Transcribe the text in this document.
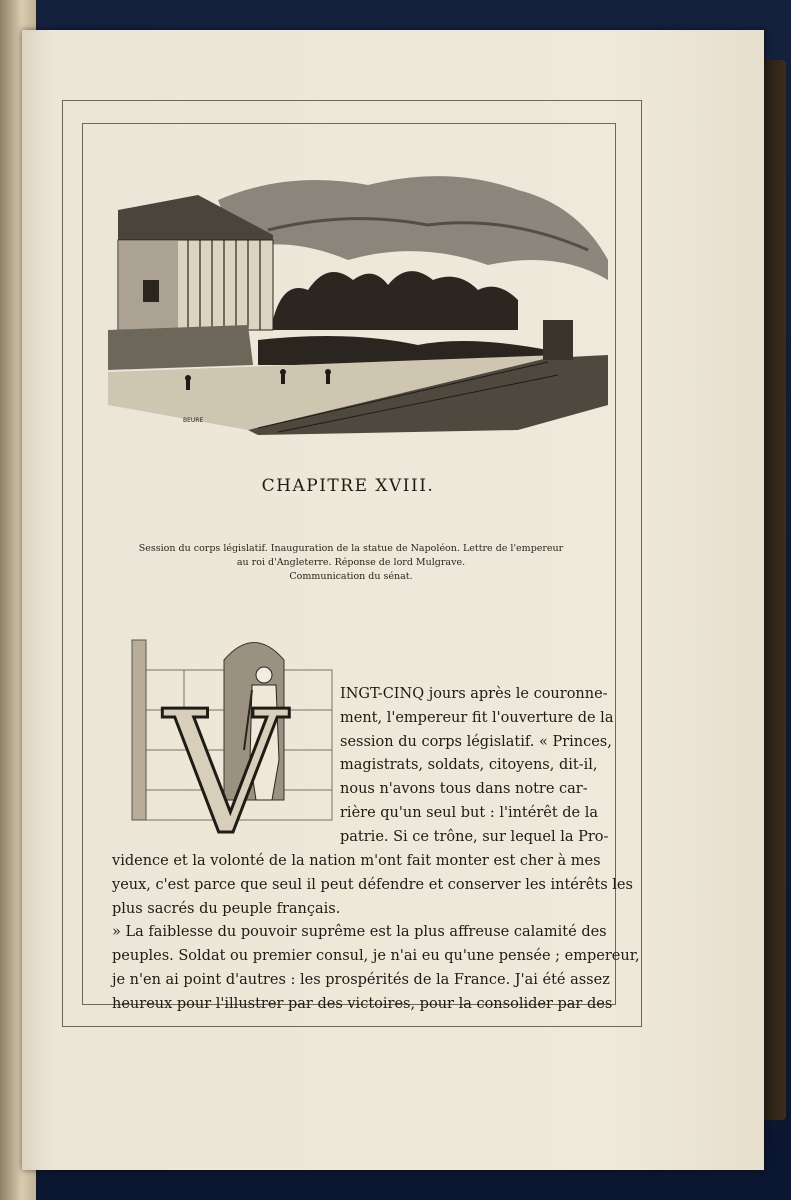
BEURE
CHAPITRE XVIII.
Session du corps législatif. Inauguration de la statue de Napoléon. Lettre de l'empereur
au roi d'Angleterre. Réponse de lord Mulgrave.
Communication du sénat.
V	INGT-CINQ jours après le couronne-
ment, l'empereur fit l'ouverture de la
session du corps législatif. « Princes,
magistrats, soldats, citoyens, dit-il,
nous n'avons tous dans notre car-
rière qu'un seul but : l'intérêt de la
patrie. Si ce trône, sur lequel la Pro-
vidence et la volonté de la nation m'ont fait monter est cher à mes
yeux, c'est parce que seul il peut défendre et conserver les intérêts les
plus sacrés du peuple français.
» La faiblesse du pouvoir suprême est la plus affreuse calamité des
peuples. Soldat ou premier consul, je n'ai eu qu'une pensée ; empereur,
je n'en ai point d'autres : les prospérités de la France. J'ai été assez
heureux pour l'illustrer par des victoires, pour la consolider par des
